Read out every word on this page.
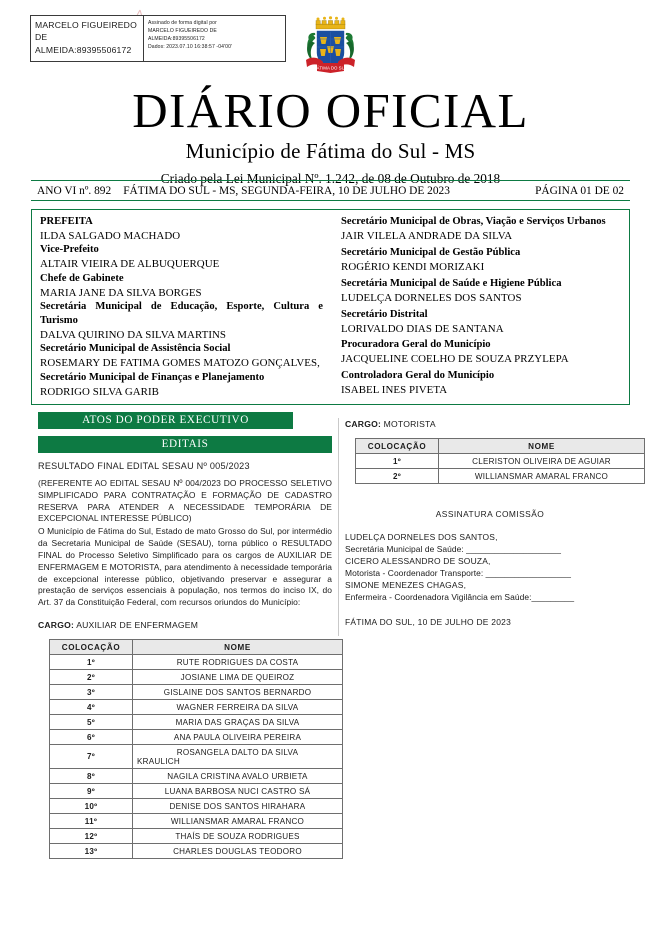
MARCELO FIGUEIREDO DE ALMEIDA:89395506172
Assinado de forma digital por
MARCELO FIGUEIREDO DE
ALMEIDA:89395506172
Dados: 2023.07.10 16:38:57 -04'00'
FÁTIMA DO SUL
DIÁRIO OFICIAL
Município de Fátima do Sul - MS
Criado pela Lei Municipal Nº. 1.242, de 08 de Outubro de 2018
ANO VI nº. 892	FÁTIMA DO SUL - MS, SEGUNDA-FEIRA, 10 DE JULHO DE 2023	PÁGINA 01 DE 02
PREFEITA
ILDA SALGADO MACHADO
Vice-Prefeito
ALTAIR VIEIRA DE ALBUQUERQUE
Chefe de Gabinete
MARIA JANE DA SILVA BORGES
Secretária Municipal de Educação, Esporte, Cultura e Turismo
DALVA QUIRINO DA SILVA MARTINS
Secretário Municipal de Assistência Social
ROSEMARY DE FATIMA GOMES MATOZO GONÇALVES,
Secretário Municipal de Finanças e Planejamento
RODRIGO SILVA GARIB
Secretário Municipal de Obras, Viação e Serviços Urbanos
JAIR VILELA ANDRADE DA SILVA
Secretário Municipal de Gestão Pública
ROGÉRIO KENDI MORIZAKI
Secretária Municipal de Saúde e Higiene Pública
LUDELÇA DORNELES DOS SANTOS
Secretário Distrital
LORIVALDO DIAS DE SANTANA
Procuradora Geral do Município
JACQUELINE COELHO DE SOUZA PRZYLEPA
Controladora Geral do Município
ISABEL INES PIVETA
ATOS DO PODER EXECUTIVO
EDITAIS
RESULTADO FINAL EDITAL SESAU Nº 005/2023
(REFERENTE AO EDITAL SESAU Nº 004/2023 DO PROCESSO SELETIVO SIMPLIFICADO PARA CONTRATAÇÃO E FORMAÇÃO DE CADASTRO RESERVA PARA ATENDER A NECESSIDADE TEMPORÁRIA DE EXCEPCIONAL INTERESSE PÚBLICO)
O Município de Fátima do Sul, Estado de mato Grosso do Sul, por intermédio da Secretaria Municipal de Saúde (SESAU), torna público o RESULTADO FINAL do Processo Seletivo Simplificado para os cargos de AUXILIAR DE ENFERMAGEM E MOTORISTA, para atendimento à necessidade temporária de excepcional interesse público, objetivando preservar e assegurar a prestação de serviços essenciais à população, nos termos do inciso IX, do Art. 37 da Constituição Federal, com recursos oriundos do Município:
CARGO: AUXILIAR DE ENFERMAGEM
COLOCAÇÃO	NOME
1º	RUTE RODRIGUES DA COSTA
2º	JOSIANE LIMA DE QUEIROZ
3º	GISLAINE DOS SANTOS BERNARDO
4º	WAGNER FERREIRA DA SILVA
5º	MARIA DAS GRAÇAS DA SILVA
6º	ANA PAULA OLIVEIRA PEREIRA
7º	ROSANGELA DALTO DA SILVA
KRAULICH

8º	NAGILA CRISTINA AVALO URBIETA
9º	LUANA BARBOSA NUCI CASTRO SÁ
10º	DENISE DOS SANTOS HIRAHARA
11º	WILLIANSMAR AMARAL FRANCO
12º	THAÍS DE SOUZA RODRIGUES
13º	CHARLES DOUGLAS TEODORO
CARGO: MOTORISTA
COLOCAÇÃO	NOME
1º	CLERISTON OLIVEIRA DE AGUIAR
2º	WILLIANSMAR AMARAL FRANCO
ASSINATURA COMISSÃO
LUDELÇA DORNELES DOS SANTOS,
Secretária Municipal de Saúde: ____________________
CICERO ALESSANDRO DE SOUZA,
Motorista - Coordenador Transporte: __________________
SIMONE MENEZES CHAGAS,
Enfermeira - Coordenadora Vigilância em Saúde:_________
FÁTIMA DO SUL, 10 DE JULHO DE 2023
